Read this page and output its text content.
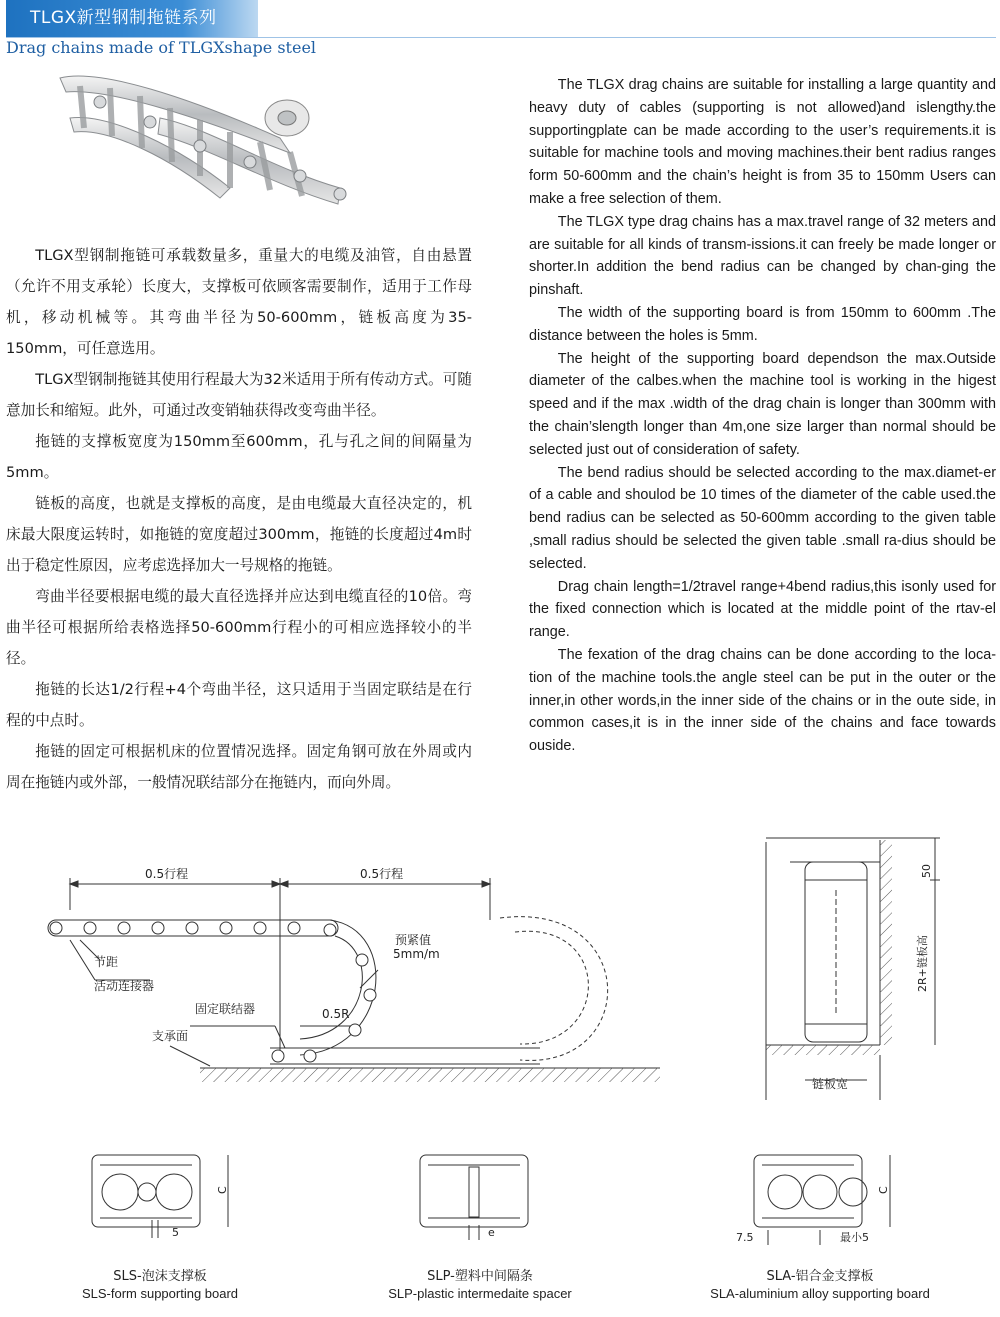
TLGX新型钢制拖链系列
Drag chains made of TLGXshape steel

TLGX型钢制拖链可承载数量多，重量大的电缆及油管，自由悬置（允许不用支承轮）长度大，支撑板可依顾客需要制作，适用于工作母机，移动机械等。其弯曲半径为50-600mm，链板高度为35-150mm，可任意选用。

TLGX型钢制拖链其使用行程最大为32米适用于所有传动方式。可随意加长和缩短。此外，可通过改变销轴获得改变弯曲半径。

拖链的支撑板宽度为150mm至600mm，孔与孔之间的间隔量为5mm。

链板的高度，也就是支撑板的高度，是由电缆最大直径决定的，机床最大限度运转时，如拖链的宽度超过300mm，拖链的长度超过4m时出于稳定性原因，应考虑选择加大一号规格的拖链。

弯曲半径要根据电缆的最大直径选择并应达到电缆直径的10倍。弯曲半径可根据所给表格选择50-600mm行程小的可相应选择较小的半径。

拖链的长达1/2行程+4个弯曲半径，这只适用于当固定联结是在行程的中点时。

拖链的固定可根据机床的位置情况选择。固定角钢可放在外周或内周在拖链内或外部，一般情况联结部分在拖链内，而向外周。

The TLGX drag chains are suitable for installing a large quantity and heavy duty of cables (supporting is not allowed)and islengthy.the supportingplate can be made according to the user’s requirements.it is suitable for machine tools and moving machines.their bent radius ranges form 50-600mm and the chain’s height is from 35 to 150mm Users can make a free selection of them.

The TLGX type drag chains has a max.travel range of 32 meters and are suitable for all kinds of transm-issions.it can freely be made longer or shorter.In addition the bend radius can be changed by chan-ging the pinshaft.

The width of the supporting board is from 150mm to 600mm .The distance between the holes is 5mm.

The height of the supporting board dependson the max.Outside diameter of the calbes.when the machine tool is working in the higest speed and if the max .width of the drag chain is longer than 300mm with the chain’slength longer than 4m,one size larger than normal should be selected just out of consideration of safety.

The bend radius should be selected according to the max.diamet-er of a cable and shoulod be 10 times of the diameter of the cable used.the bend radius can be selected as 50-600mm according to the given table ,small radius should be selected the given table .small ra-dius should be selected.

Drag chain length=1/2travel range+4bend radius,this isonly used for the fixed connection which is located at the middle point of the rtav-el range.

The fexation of the drag chains can be done according to the loca-tion of the machine tools.the angle steel can be put in the outer or the inner,in other words,in the inner side of the chains or in the oute side, in common cases,it is in the inner side of the chains and face towards ouside.

0.5行程	0.5行程
节距
活动连接器
预紧值
5mm/m
固定联结器
支承面
0.5R
50
2R+链板高
链板宽
C
5	e
C
7.5	最小5
SLS-泡沫支撑板
SLS-form supporting board
SLP-塑料中间隔条
SLP-plastic intermedaite spacer
SLA-铝合金支撑板
SLA-aluminium alloy supporting board
